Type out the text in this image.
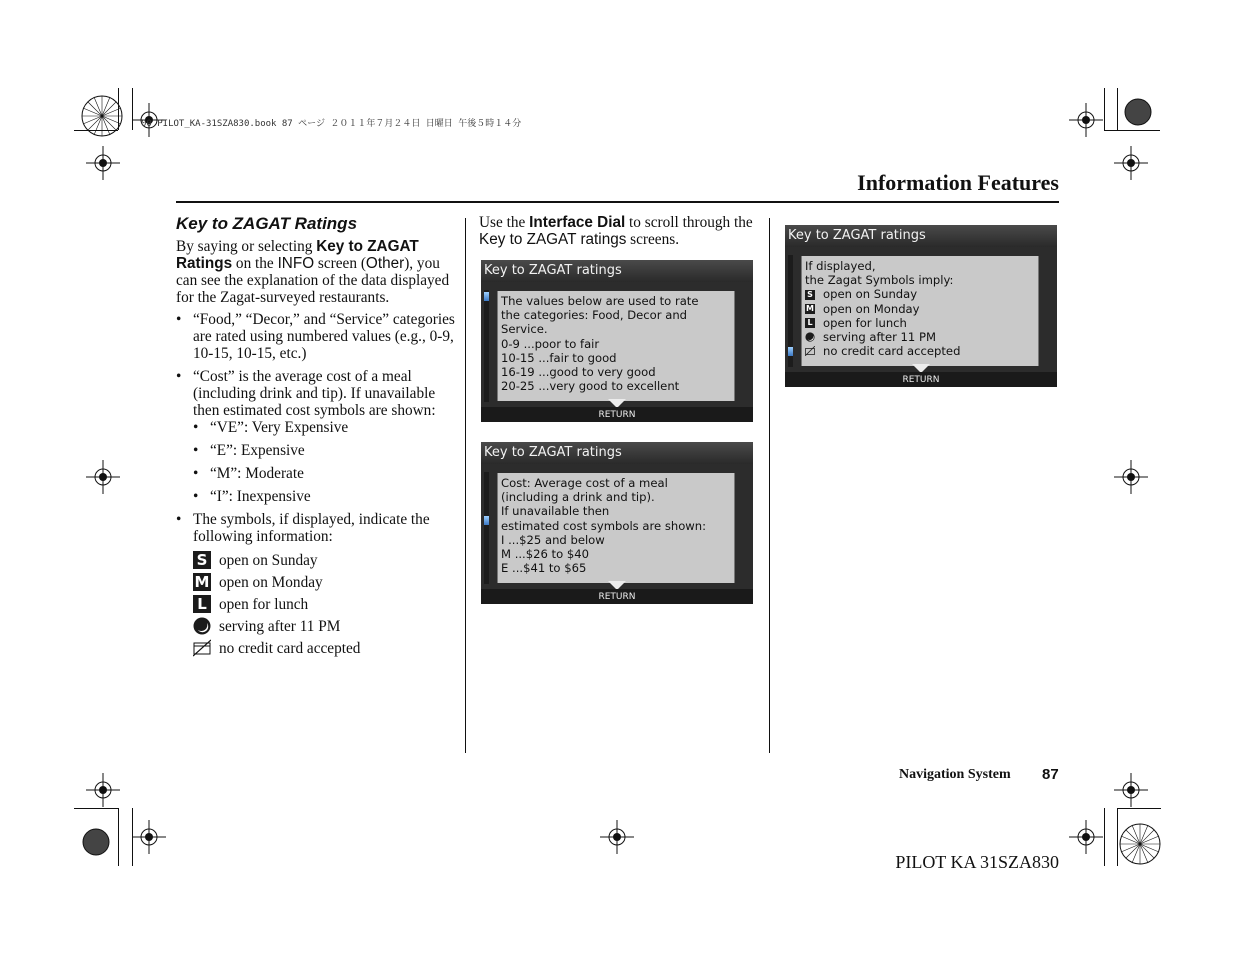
00 PILOT_KA-31SZA830.book 87 ページ ２０１１年７月２４日 日曜日 午後５時１４分
Information Features
Key to ZAGAT Ratings

By saying or selecting Key to ZAGAT Ratings on the INFO screen (Other), you can see the explanation of the data displayed for the Zagat-surveyed restaurants.

• “Food,” “Decor,” and “Service” categories are rated using numbered values (e.g., 0-9, 10-15, 10-15, etc.)
• “Cost” is the average cost of a meal (including drink and tip). If unavailable then estimated cost symbols are shown:
• “VE”: Very Expensive
• “E”: Expensive
• “M”: Moderate
• “I”: Inexpensive
• The symbols, if displayed, indicate the following information:
S open on Sunday
M open on Monday
L open for lunch
serving after 11 PM
no credit card accepted
Use the Interface Dial to scroll through the Key to ZAGAT ratings screens.
Key to ZAGAT ratings
The values below are used to rate
the categories: Food, Decor and
Service.
0-9 ...poor to fair
10-15 ...fair to good
16-19 ...good to very good
20-25 ...very good to excellent
RETURN
Key to ZAGAT ratings
Cost: Average cost of a meal
(including a drink and tip).
If unavailable then
estimated cost symbols are shown:
I ...$25 and below
M ...$26 to $40
E ...$41 to $65
RETURN
Key to ZAGAT ratings
If displayed,
the Zagat Symbols imply:
S open on Sunday
M open on Monday
L open for lunch
serving after 11 PM
no credit card accepted
RETURN
Navigation System 87
PILOT KA 31SZA830
